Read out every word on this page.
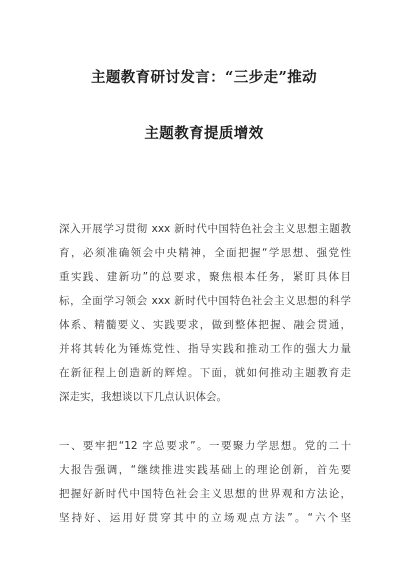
主题教育研讨发言：“三步走”推动
主题教育提质增效
深入开展学习贯彻 xxx 新时代中国特色社会主义思想主题教
育，必须准确领会中央精神，全面把握“学思想、强党性
重实践、建新功”的总要求，聚焦根本任务，紧盯具体目
标，全面学习领会 xxx 新时代中国特色社会主义思想的科学
体系、精髓要义、实践要求，做到整体把握、融会贯通，
并将其转化为锤炼党性、指导实践和推动工作的强大力量
在新征程上创造新的辉煌。下面，就如何推动主题教育走
深走实，我想谈以下几点认识体会。
一、要牢把“12 字总要求”。一要聚力学思想。党的二十
大报告强调，“继续推进实践基础上的理论创新，首先要
把握好新时代中国特色社会主义思想的世界观和方法论，
坚持好、运用好贯穿其中的立场观点方法”。“六个坚
